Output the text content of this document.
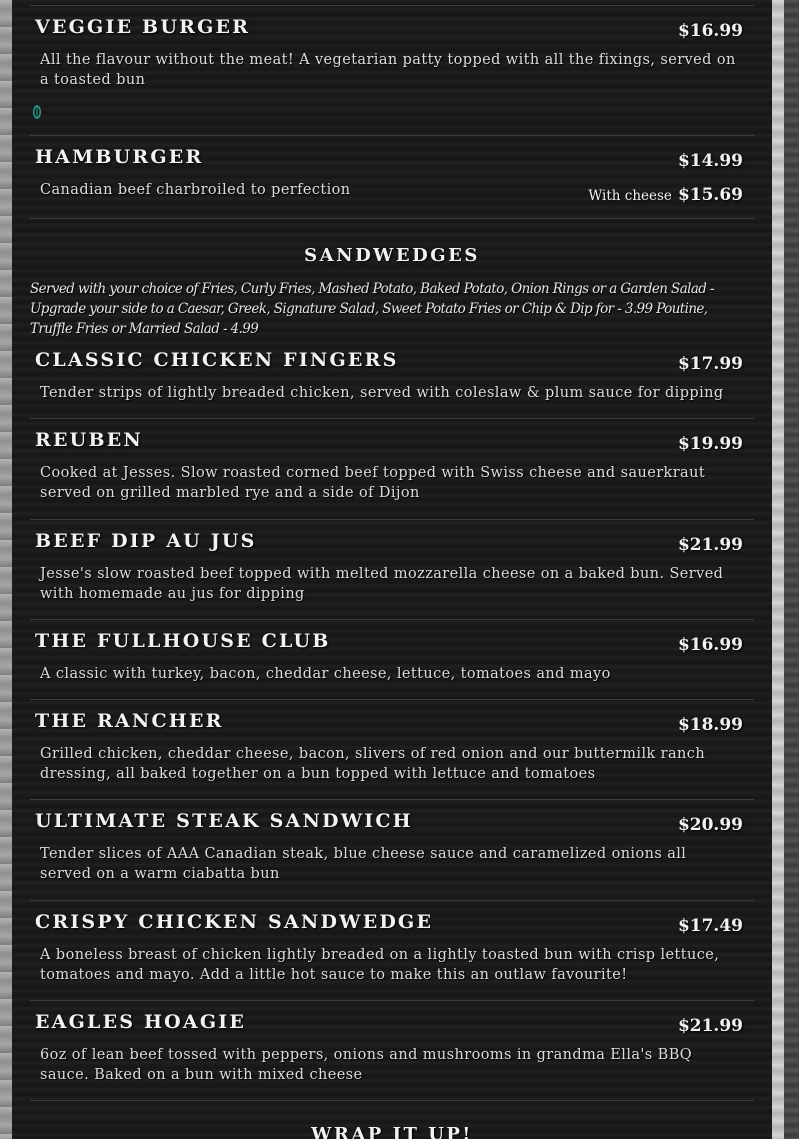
VEGGIE BURGER	$16.99
All the flavour without the meat! A vegetarian patty topped with all the fixings, served on a toasted bun
HAMBURGER	$14.99
Canadian beef charbroiled to perfection	With cheese $15.69
SANDWEDGES
Served with your choice of Fries, Curly Fries, Mashed Potato, Baked Potato, Onion Rings or a Garden Salad - Upgrade your side to a Caesar, Greek, Signature Salad, Sweet Potato Fries or Chip & Dip for - 3.99 Poutine, Truffle Fries or Married Salad - 4.99
CLASSIC CHICKEN FINGERS	$17.99
Tender strips of lightly breaded chicken, served with coleslaw & plum sauce for dipping
REUBEN	$19.99
Cooked at Jesses. Slow roasted corned beef topped with Swiss cheese and sauerkraut served on grilled marbled rye and a side of Dijon
BEEF DIP AU JUS	$21.99
Jesse's slow roasted beef topped with melted mozzarella cheese on a baked bun. Served with homemade au jus for dipping
THE FULLHOUSE CLUB	$16.99
A classic with turkey, bacon, cheddar cheese, lettuce, tomatoes and mayo
THE RANCHER	$18.99
Grilled chicken, cheddar cheese, bacon, slivers of red onion and our buttermilk ranch dressing, all baked together on a bun topped with lettuce and tomatoes
ULTIMATE STEAK SANDWICH	$20.99
Tender slices of AAA Canadian steak, blue cheese sauce and caramelized onions all served on a warm ciabatta bun
CRISPY CHICKEN SANDWEDGE	$17.49
A boneless breast of chicken lightly breaded on a lightly toasted bun with crisp lettuce, tomatoes and mayo. Add a little hot sauce to make this an outlaw favourite!
EAGLES HOAGIE	$21.99
6oz of lean beef tossed with peppers, onions and mushrooms in grandma Ella's BBQ sauce. Baked on a bun with mixed cheese
WRAP IT UP!
